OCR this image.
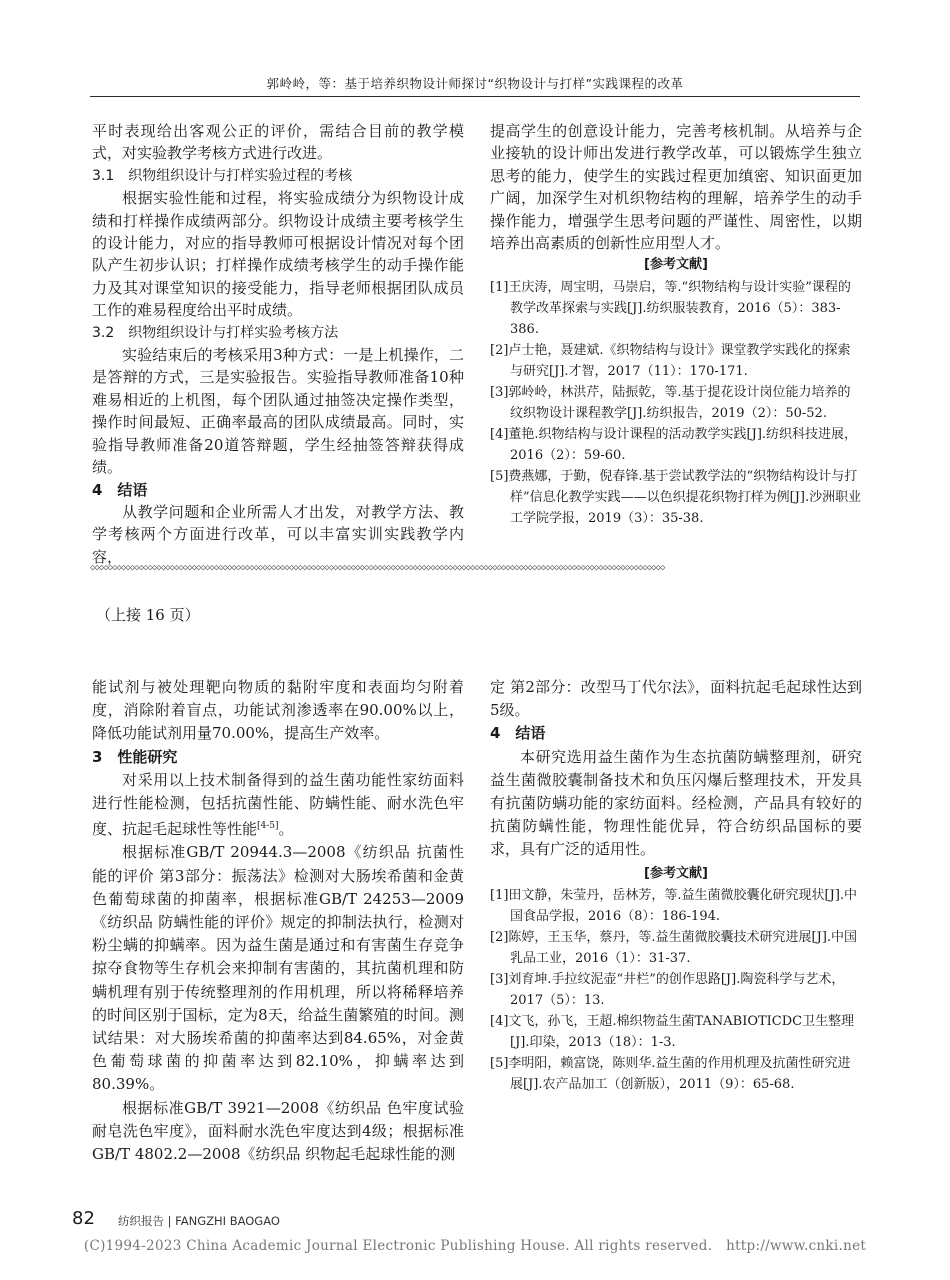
郭岭岭，等：基于培养织物设计师探讨“织物设计与打样”实践课程的改革

平时表现给出客观公正的评价，需结合目前的教学模式，对实验教学考核方式进行改进。

3.1　织物组织设计与打样实验过程的考核

根据实验性能和过程，将实验成绩分为织物设计成绩和打样操作成绩两部分。织物设计成绩主要考核学生的设计能力，对应的指导教师可根据设计情况对每个团队产生初步认识；打样操作成绩考核学生的动手操作能力及其对课堂知识的接受能力，指导老师根据团队成员工作的难易程度给出平时成绩。

3.2　织物组织设计与打样实验考核方法

实验结束后的考核采用3种方式：一是上机操作，二是答辩的方式，三是实验报告。实验指导教师准备10种难易相近的上机图，每个团队通过抽签决定操作类型，操作时间最短、正确率最高的团队成绩最高。同时，实验指导教师准备20道答辩题，学生经抽签答辩获得成绩。

4　结语

从教学问题和企业所需人才出发，对教学方法、教学考核两个方面进行改革，可以丰富实训实践教学内容，

提高学生的创意设计能力，完善考核机制。从培养与企业接轨的设计师出发进行教学改革，可以锻炼学生独立思考的能力，使学生的实践过程更加缜密、知识面更加广阔，加深学生对机织物结构的理解，培养学生的动手操作能力，增强学生思考问题的严谨性、周密性，以期培养出高素质的创新性应用型人才。

[参考文献]

[1]王庆涛，周宝明，马崇启，等.“织物结构与设计实验”课程的教学改革探索与实践[J].纺织服装教育，2016（5）：383-386.

[2]卢士艳，聂建斌.《织物结构与设计》课堂教学实践化的探索与研究[J].才智，2017（11）：170-171.

[3]郭岭岭，林洪芹，陆振乾，等.基于提花设计岗位能力培养的纹织物设计课程教学[J].纺织报告，2019（2）：50-52.

[4]董艳.织物结构与设计课程的活动教学实践[J].纺织科技进展，2016（2）：59-60.

[5]费燕娜，于勤，倪春锋.基于尝试教学法的“织物结构设计与打样”信息化教学实践——以色织提花织物打样为例[J].沙洲职业工学院学报，2019（3）：35-38.

◇◇◇◇◇◇◇◇◇◇◇◇◇◇◇◇◇◇◇◇◇◇◇◇◇◇◇◇◇◇◇◇◇◇◇◇◇◇◇◇◇◇◇◇◇◇◇◇◇◇◇◇◇◇◇◇◇◇◇◇◇◇◇◇◇◇◇◇◇◇◇◇◇◇◇◇◇◇◇◇◇◇◇◇◇◇◇◇◇◇◇◇◇◇◇◇◇◇◇◇◇◇◇◇◇◇◇◇◇◇◇◇◇◇◇◇◇◇◇◇◇◇◇◇◇◇◇◇◇◇
（上接 16 页）

能试剂与被处理靶向物质的黏附牢度和表面均匀附着度，消除附着盲点，功能试剂渗透率在90.00%以上，降低功能试剂用量70.00%，提高生产效率。

3　性能研究

对采用以上技术制备得到的益生菌功能性家纺面料进行性能检测，包括抗菌性能、防螨性能、耐水洗色牢度、抗起毛起球性等性能[4-5]。

根据标准GB/T 20944.3—2008《纺织品 抗菌性能的评价 第3部分：振荡法》检测对大肠埃希菌和金黄色葡萄球菌的抑菌率，根据标准GB/T 24253—2009《纺织品 防螨性能的评价》规定的抑制法执行，检测对粉尘螨的抑螨率。因为益生菌是通过和有害菌生存竞争掠夺食物等生存机会来抑制有害菌的，其抗菌机理和防螨机理有别于传统整理剂的作用机理，所以将稀释培养的时间区别于国标，定为8天，给益生菌繁殖的时间。测试结果：对大肠埃希菌的抑菌率达到84.65%，对金黄色葡萄球菌的抑菌率达到82.10%，抑螨率达到80.39%。

根据标准GB/T 3921—2008《纺织品 色牢度试验 耐皂洗色牢度》，面料耐水洗色牢度达到4级；根据标准GB/T 4802.2—2008《纺织品 织物起毛起球性能的测

定 第2部分：改型马丁代尔法》，面料抗起毛起球性达到5级。

4　结语

本研究选用益生菌作为生态抗菌防螨整理剂，研究益生菌微胶囊制备技术和负压闪爆后整理技术，开发具有抗菌防螨功能的家纺面料。经检测，产品具有较好的抗菌防螨性能，物理性能优异，符合纺织品国标的要求，具有广泛的适用性。

[参考文献]

[1]田文静，朱莹丹，岳林芳，等.益生菌微胶囊化研究现状[J].中国食品学报，2016（8）：186-194.

[2]陈婷，王玉华，蔡丹，等.益生菌微胶囊技术研究进展[J].中国乳品工业，2016（1）：31-37.

[3]刘育坤.手拉纹泥壶“井栏”的创作思路[J].陶瓷科学与艺术，2017（5）：13.

[4]文飞，孙飞，王超.棉织物益生菌TANABIOTICDC卫生整理[J].印染，2013（18）：1-3.

[5]李明阳，赖富饶，陈则华.益生菌的作用机理及抗菌性研究进展[J].农产品加工（创新版），2011（9）：65-68.

82 纺织报告 | FANGZHI BAOGAO
(C)1994-2023 China Academic Journal Electronic Publishing House. All rights reserved.　http://www.cnki.net
